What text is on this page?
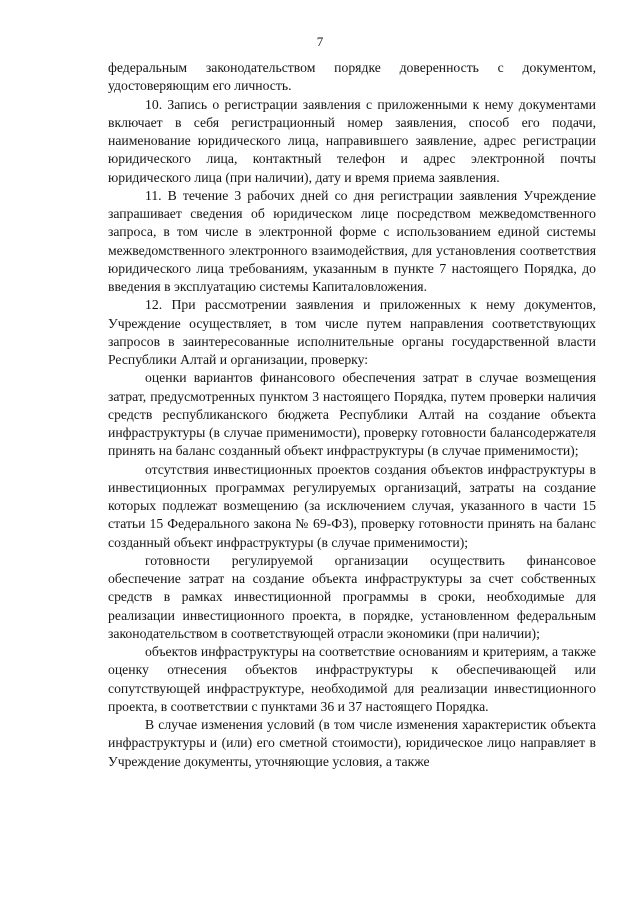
7

федеральным законодательством порядке доверенность с документом, удостоверяющим его личность.

10. Запись о регистрации заявления с приложенными к нему документами включает в себя регистрационный номер заявления, способ его подачи, наименование юридического лица, направившего заявление, адрес регистрации юридического лица, контактный телефон и адрес электронной почты юридического лица (при наличии), дату и время приема заявления.

11. В течение 3 рабочих дней со дня регистрации заявления Учреждение запрашивает сведения об юридическом лице посредством межведомственного запроса, в том числе в электронной форме с использованием единой системы межведомственного электронного взаимодействия, для установления соответствия юридического лица требованиям, указанным в пункте 7 настоящего Порядка, до введения в эксплуатацию системы Капиталовложения.

12. При рассмотрении заявления и приложенных к нему документов, Учреждение осуществляет, в том числе путем направления соответствующих запросов в заинтересованные исполнительные органы государственной власти Республики Алтай и организации, проверку:

оценки вариантов финансового обеспечения затрат в случае возмещения затрат, предусмотренных пунктом 3 настоящего Порядка, путем проверки наличия средств республиканского бюджета Республики Алтай на создание объекта инфраструктуры (в случае применимости), проверку готовности балансодержателя принять на баланс созданный объект инфраструктуры (в случае применимости);

отсутствия инвестиционных проектов создания объектов инфраструктуры в инвестиционных программах регулируемых организаций, затраты на создание которых подлежат возмещению (за исключением случая, указанного в части 15 статьи 15 Федерального закона № 69-ФЗ), проверку готовности принять на баланс созданный объект инфраструктуры (в случае применимости);

готовности регулируемой организации осуществить финансовое обеспечение затрат на создание объекта инфраструктуры за счет собственных средств в рамках инвестиционной программы в сроки, необходимые для реализации инвестиционного проекта, в порядке, установленном федеральным законодательством в соответствующей отрасли экономики (при наличии);

объектов инфраструктуры на соответствие основаниям и критериям, а также оценку отнесения объектов инфраструктуры к обеспечивающей или сопутствующей инфраструктуре, необходимой для реализации инвестиционного проекта, в соответствии с пунктами 36 и 37 настоящего Порядка.

В случае изменения условий (в том числе изменения характеристик объекта инфраструктуры и (или) его сметной стоимости), юридическое лицо направляет в Учреждение документы, уточняющие условия, а также
